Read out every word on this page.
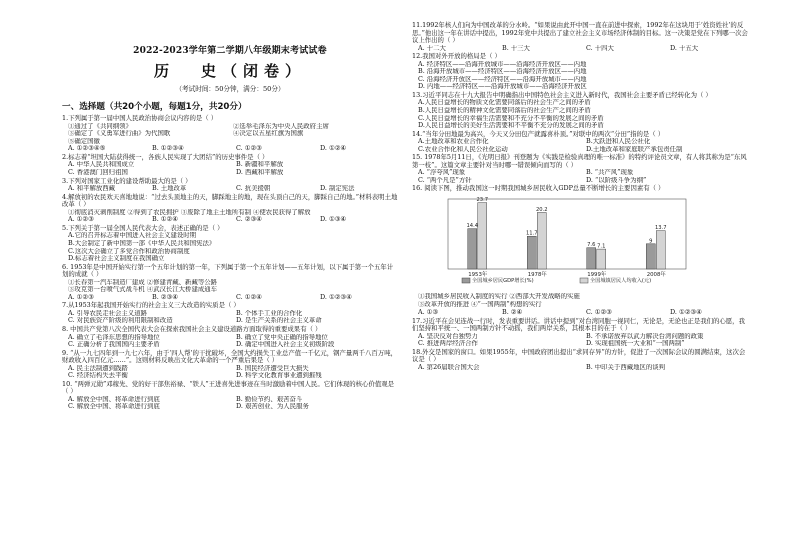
2022-2023学年第二学期八年级期末考试试卷
历 史（闭卷）
（考试时间：50分钟，满分：50分）
一、选择题（共20个小题，每题1分，共20分）
1.下列属于第一届中国人民政治协商会议内容的是（ ）
①通过了《共同纲领》	②选举毛泽东为中央人民政府主席
③确定了《义勇军进行曲》为代国歌	④决定以五星红旗为国旗
⑤确定国徽
A. ①②③④⑤	B. ①②③④	C. ①②③	D. ①②④
2.标志着“坦国大陆获得统一，各族人民实现了大团结”的历史事件是（ ）
A. 中华人民共和国成立	B. 新疆和平解放
C. 香港澳门回归祖国	D. 西藏和平解放
3.下列对国家工业化的建设帮助最大的是（ ）
A. 和平解放西藏	B. 土地改革	C. 抗美援朝	D. 制定宪法
4.解放初的农民欢天喜地地说：“过去头顶地主的天，脚踩地主的地，现在头顶自己的天，脚踩自己的地。”材料表明土地改革（ ）
①彻底消灭剥削制度 ②得到了农民拥护 ③废除了地主土地所有制 ④使农民获得了解放
A. ①②③	B. ①②④	C. ②③④	D. ①③④
5.下列关于第一届全国人民代表大会，表述正确的是（ ）
A.它的召开标志着中国进入社会主义建设时期
B.大会制定了新中国第一部《中华人民共和国宪法》
C.这次大会确立了多党合作和政治协商制度
D.标志着社会主义制度在我国确立
6. 1953年是中国开始实行第一个五年计划的第一年，下列属于第一个五年计划——五年计划，以下属于第一个五年计划的成就（ ）
①长春第一汽车制造厂建成 ②修建青藏、新藏等公路
③攻克第一台喷气式战斗机 ④武汉长江大桥建成通车
A. ①②③	B. ②③④	C. ①②④	D. ①②③④
7.从1953年起我国开始实行的社会主义三大改造的实质是（ ）
A. 引导农民走社会主义道路	B. 个体手工业的合作化
C. 对民族资产阶级的利用限制和改造	D. 是生产关系的社会主义革命
8. 中国共产党第八次全国代表大会在探索我国社会主义建设道路方面取得的重要成果有（ ）
A. 确立了毛泽东思想的指导地位	B. 确立了党中央正确的指导地位
C. 正确分析了我国国内主要矛盾	D. 确定中国进入社会主义初级阶段
9. “从一九七四年到一九七六年，由于‘四人帮’的干扰破坏，全国大约损失工业总产值一千亿元，钢产量两千八百万吨，财政收入四百亿元……”。这则材料反映出文化大革命的一个严重后果是（ ）
A. 民主法制遭到践踏	B. 国民经济遭受巨大损失
C. 经济结构失去平衡	D. 科学文化教育事业遭到摧残
10. “两弹元勋”邓稼先、党的好干部焦裕禄、“铁人”王进喜先进事迹在当时激励着中国人民。它们体现的核心价值观是（ ）
A. 解放全中国、将革命进行到底	B. 勤俭节约、艰苦奋斗
C. 解放全中国、将革命进行到底	D. 艰苦创业、为人民服务
11.1992年核人们向为中国改革的分水岭。“如果说由此开中国一直在前进中探索，1992年在这块用于‘姓资姓社’的反思。”他出这一年在讲话中提出，1992年党中共提出了建立社会主义市场经济体制的目标。这一决策是党在下列哪一次会议上作出的（ ）
A. 十二大	B. 十三大	C. 十四大	D. 十五大
12.我国对外开放的格局是（ ）
A. 经济特区——沿海开放城市——沿海经济开放区——内地
B. 沿海开放城市——经济特区——沿海经济开放区——内地
C. 沿海经济开放区——经济特区——沿海开放城市——内地
D. 内地——经济特区——沿海开放城市——沿海经济开放区
13.习近平同志在十九大报告中明确指出中国特色社会主义进入新时代，我国社会主要矛盾已经转化为（ ）
A.人民日益增长的物质文化需要同落后的社会生产之间的矛盾
B.人民日益增长的精神文化需要同落后的社会生产之间的矛盾
C.人民日益增长的幸福生活需要和不充分不平衡的发展之间的矛盾
D.人民日益增长的美好生活需要和不平衡不充分的发展之间的矛盾
14.“当年分田地最为高兴，今天又分田包产就露喜朴顶。”对联中的两次“分田”指的是（ ）
A.土地改革和农业合作化	B.大跃进和人民公社化
C.农业合作化和人民公社化运动	D.土地改革和家庭联产承包责任制
15. 1978年5月11日，《光明日报》刊登题为《实践是检验真理的唯一标准》的特约评论员文章，有人将其称为是“东风第一枝”。这篇文章主要针对当时哪一错误倾向而写的（ ）
A. “浮夸风”现象	B. “共产风”现象
C. “两个凡是”方针	D. “以阶级斗争为纲”
16. 阅读下图，推动我国这一时期我国城乡居民收入GDP总量不断增长的主要因素有（ ）
14.4
23.7
1953年
11.7
20.2
1978年
7.6 7.1
1999年
9
13.7
2008年
全国城乡居民GDP增长(%)	全国城镇居民人均收入(元)
①我国城乡居民收入制度的实行 ②西部大开发战略的实施
③改革开放的推进 ④“一国两制”构想的实行
A. ①③	B. ②④	C. ①②③	D. ①②③④
17.习近平在会见连战一行时，发表重要讲话。讲话中提到“对台湾同胞一视同仁，无论是，无论也正是我们的心愿，我们坚持和平统一、一国两制方针不动摇，我们两岸关系，其根本目的在于（ ）
A. 坚决反对台独势力	B. 不承诺放弃以武力解决台湾问题的政策
C. 推进两岸经济合作	D. 实现祖国统一大业和“一国两制”
18.外交是国家的窗口。如果1955年，中国政府团出提出“求同存异”的方针，促进了一次国际会议的圆满结束，这次会议是（ ）
A. 第26届联合国大会	B. 中印关于西藏地区的谈判
